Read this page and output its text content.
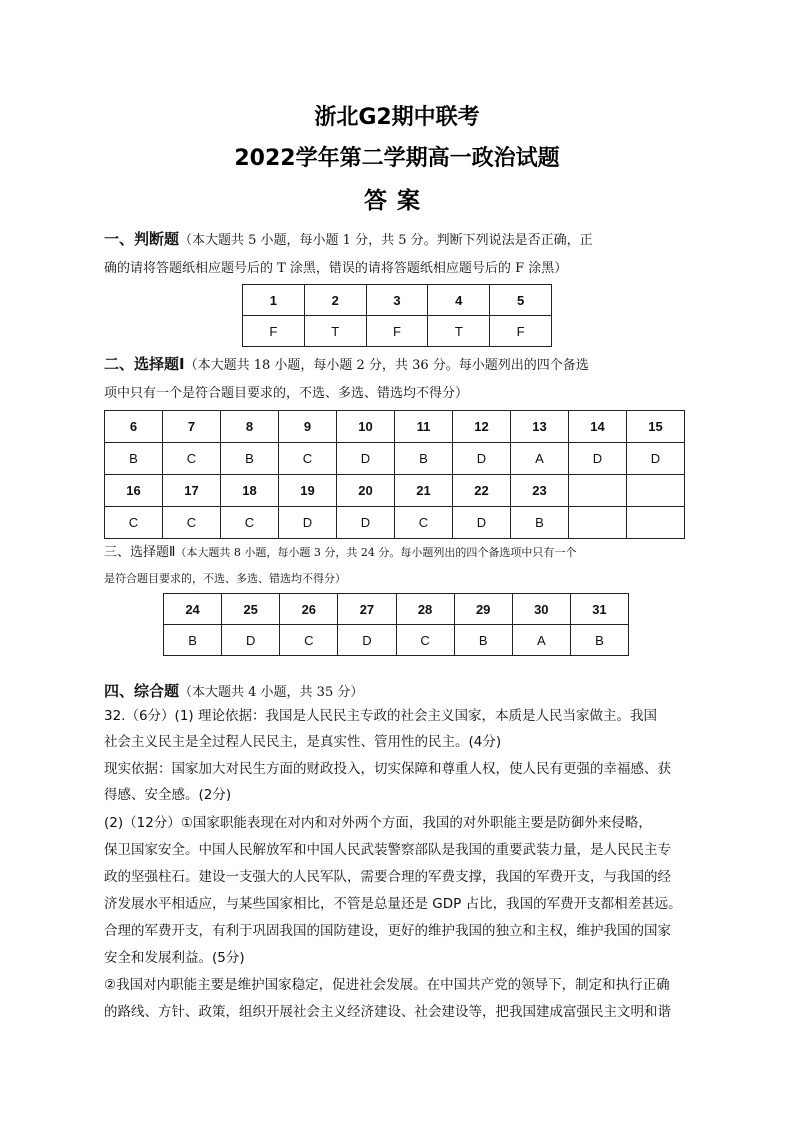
浙北G2期中联考
2022学年第二学期高一政治试题
答案
一、判断题（本大题共 5 小题，每小题 1 分，共 5 分。判断下列说法是否正确，正
确的请将答题纸相应题号后的 T 涂黑，错误的请将答题纸相应题号后的 F 涂黑）
1	2	3	4	5
F	T	F	T	F
二、选择题Ⅰ（本大题共 18 小题，每小题 2 分，共 36 分。每小题列出的四个备选
项中只有一个是符合题目要求的，不选、多选、错选均不得分）
6	7	8	9	10	11	12	13	14	15
B	C	B	C	D	B	D	A	D	D
16	17	18	19	20	21	22	23		
C	C	C	D	D	C	D	B		
三、选择题Ⅱ（本大题共 8 小题，每小题 3 分，共 24 分。每小题列出的四个备选项中只有一个
是符合题目要求的，不选、多选、错选均不得分）
24	25	26	27	28	29	30	31
B	D	C	D	C	B	A	B
四、综合题（本大题共 4 小题，共 35 分）
32.（6分）(1) 理论依据：我国是人民民主专政的社会主义国家，本质是人民当家做主。我国
社会主义民主是全过程人民民主，是真实性、管用性的民主。(4分)
现实依据：国家加大对民生方面的财政投入，切实保障和尊重人权，使人民有更强的幸福感、获
得感、安全感。(2分)
(2)（12分）①国家职能表现在对内和对外两个方面，我国的对外职能主要是防御外来侵略，
保卫国家安全。中国人民解放军和中国人民武装警察部队是我国的重要武装力量，是人民民主专
政的坚强柱石。建设一支强大的人民军队，需要合理的军费支撑，我国的军费开支，与我国的经
济发展水平相适应，与某些国家相比，不管是总量还是 GDP 占比，我国的军费开支都相差甚远。
合理的军费开支，有利于巩固我国的国防建设，更好的维护我国的独立和主权，维护我国的国家
安全和发展利益。(5分)
②我国对内职能主要是维护国家稳定，促进社会发展。在中国共产党的领导下，制定和执行正确
的路线、方针、政策，组织开展社会主义经济建设、社会建设等，把我国建成富强民主文明和谐
